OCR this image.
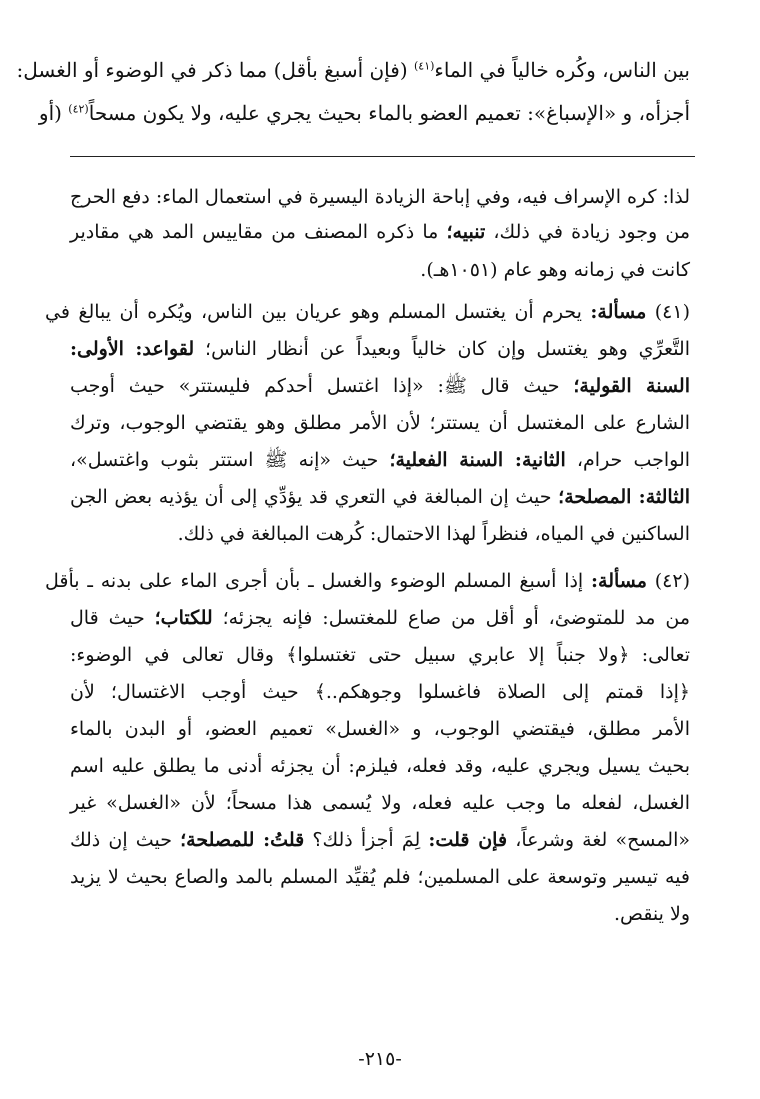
بين الناس، وكُره خالياً في الماء$^{(٤١)}$ (فإن أسبغ بأقل) مما ذكر في الوضوء أو الغسل:
أجزأه، و «الإسباغ»: تعميم العضو بالماء بحيث يجري عليه، ولا يكون مسحاً$^{(٤٢)}$ (أو
لذا: كره الإسراف فيه، وفي إباحة الزيادة اليسيرة في استعمال الماء: دفع الحرج
من وجود زيادة في ذلك، تنبيه؛ ما ذكره المصنف من مقاييس المد هي مقادير
كانت في زمانه وهو عام (١٠٥١هـ).
(٤١) مسألة: يحرم أن يغتسل المسلم وهو عريان بين الناس، ويُكره أن يبالغ في
التَّعرِّي وهو يغتسل وإن كان خالياً وبعيداً عن أنظار الناس؛ لقواعد: الأولى:
السنة القولية؛ حيث قال ﷺ: «إذا اغتسل أحدكم فليستتر» حيث أوجب
الشارع على المغتسل أن يستتر؛ لأن الأمر مطلق وهو يقتضي الوجوب، وترك
الواجب حرام، الثانية: السنة الفعلية؛ حيث «إنه ﷺ استتر بثوب واغتسل»،
الثالثة: المصلحة؛ حيث إن المبالغة في التعري قد يؤدِّي إلى أن يؤذيه بعض الجن
الساكنين في المياه، فنظراً لهذا الاحتمال: كُرهت المبالغة في ذلك.
(٤٢) مسألة: إذا أسبغ المسلم الوضوء والغسل ـ بأن أجرى الماء على بدنه ـ بأقل
من مد للمتوضئ، أو أقل من صاع للمغتسل: فإنه يجزئه؛ للكتاب؛ حيث قال
تعالى: ﴿ولا جنباً إلا عابري سبيل حتى تغتسلوا﴾ وقال تعالى في الوضوء:
﴿إذا قمتم إلى الصلاة فاغسلوا وجوهكم..﴾ حيث أوجب الاغتسال؛ لأن
الأمر مطلق، فيقتضي الوجوب، و «الغسل» تعميم العضو، أو البدن بالماء
بحيث يسيل ويجري عليه، وقد فعله، فيلزم: أن يجزئه أدنى ما يطلق عليه اسم
الغسل، لفعله ما وجب عليه فعله، ولا يُسمى هذا مسحاً؛ لأن «الغسل» غير
«المسح» لغة وشرعاً، فإن قلت: لِمَ أجزأ ذلك؟ قلتُ: للمصلحة؛ حيث إن ذلك
فيه تيسير وتوسعة على المسلمين؛ فلم يُقيِّد المسلم بالمد والصاع بحيث لا يزيد
ولا ينقص.
-٢١٥-
